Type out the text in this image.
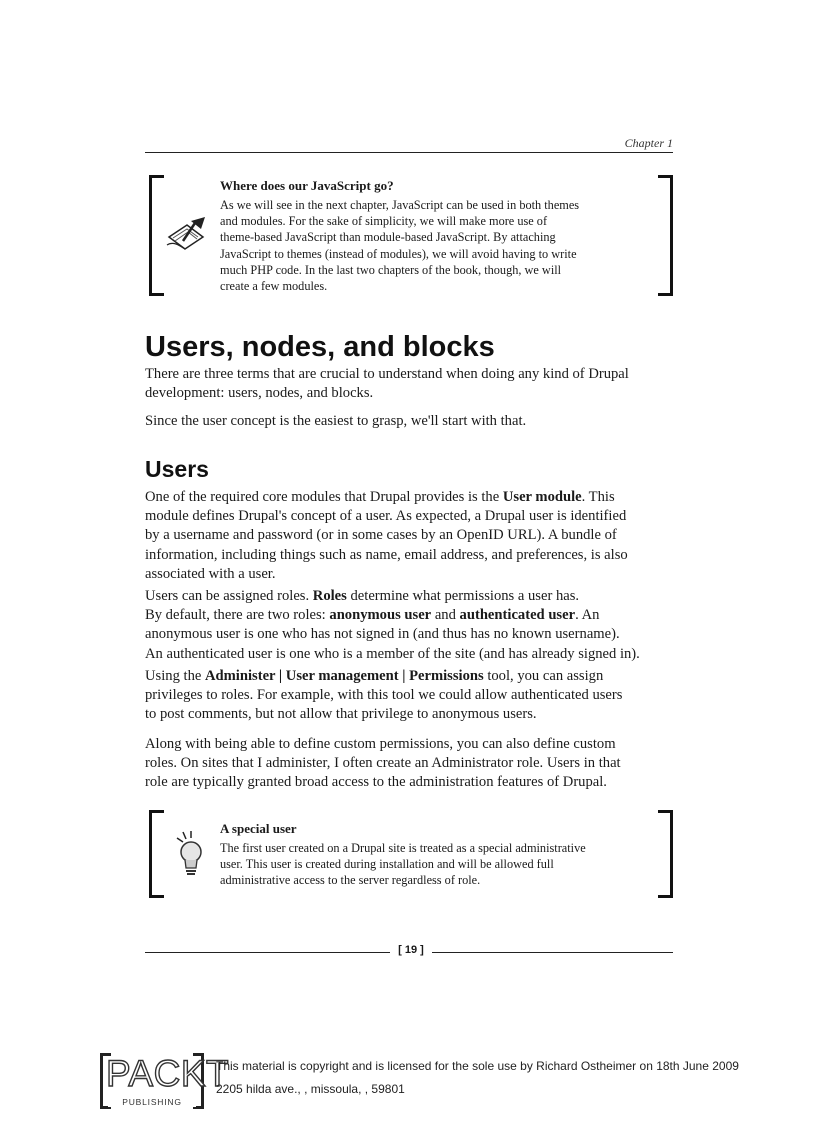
Chapter 1

Where does our JavaScript go?

As we will see in the next chapter, JavaScript can be used in both themes
and modules. For the sake of simplicity, we will make more use of
theme-based JavaScript than module-based JavaScript. By attaching
JavaScript to themes (instead of modules), we will avoid having to write
much PHP code. In the last two chapters of the book, though, we will
create a few modules.

Users, nodes, and blocks

There are three terms that are crucial to understand when doing any kind of Drupal
development: users, nodes, and blocks.

Since the user concept is the easiest to grasp, we'll start with that.

Users

One of the required core modules that Drupal provides is the User module. This
module defines Drupal's concept of a user. As expected, a Drupal user is identified
by a username and password (or in some cases by an OpenID URL). A bundle of
information, including things such as name, email address, and preferences, is also
associated with a user.

Users can be assigned roles. Roles determine what permissions a user has.
By default, there are two roles: anonymous user and authenticated user. An
anonymous user is one who has not signed in (and thus has no known username).
An authenticated user is one who is a member of the site (and has already signed in).

Using the Administer | User management | Permissions tool, you can assign
privileges to roles. For example, with this tool we could allow authenticated users
to post comments, but not allow that privilege to anonymous users.

Along with being able to define custom permissions, you can also define custom
roles. On sites that I administer, I often create an Administrator role. Users in that
role are typically granted broad access to the administration features of Drupal.

A special user

The first user created on a Drupal site is treated as a special administrative
user. This user is created during installation and will be allowed full
administrative access to the server regardless of role.

[ 19 ]
PACKT
PUBLISHING
This material is copyright and is licensed for the sole use by Richard Ostheimer on 18th June 2009
2205 hilda ave., , missoula, , 59801
